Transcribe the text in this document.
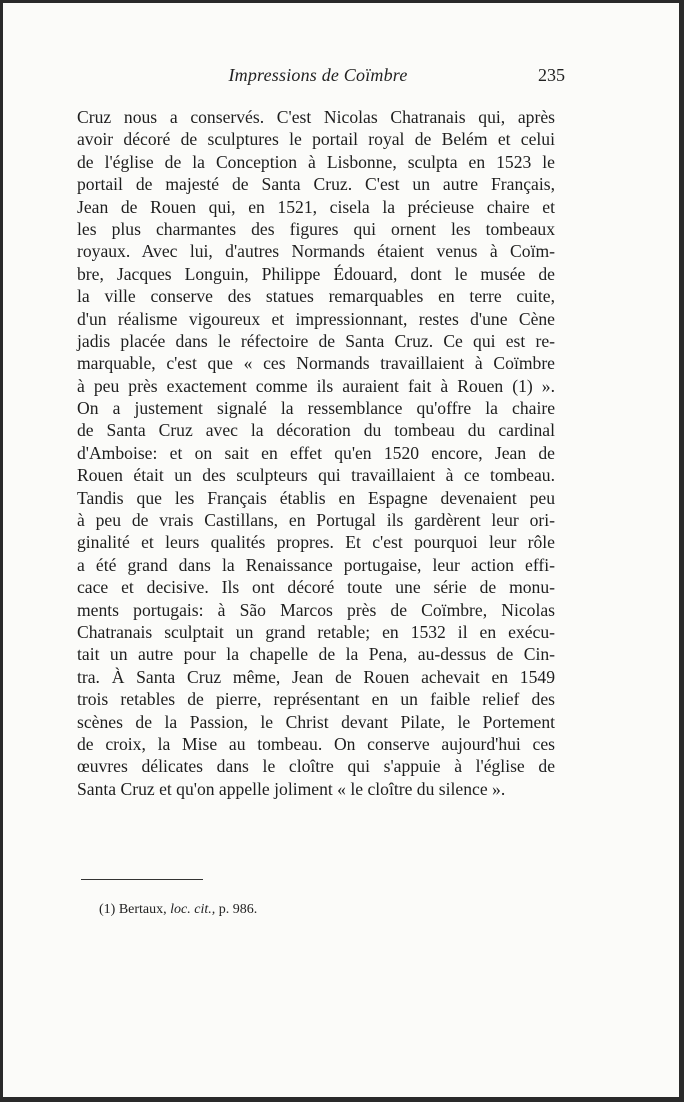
Impressions de Coïmbre	235
Cruz nous a conservés. C'est Nicolas Chatranais qui, après
avoir décoré de sculptures le portail royal de Belém et celui
de l'église de la Conception à Lisbonne, sculpta en 1523 le
portail de majesté de Santa Cruz. C'est un autre Français,
Jean de Rouen qui, en 1521, cisela la précieuse chaire et
les plus charmantes des figures qui ornent les tombeaux
royaux. Avec lui, d'autres Normands étaient venus à Coïm-
bre, Jacques Longuin, Philippe Édouard, dont le musée de
la ville conserve des statues remarquables en terre cuite,
d'un réalisme vigoureux et impressionnant, restes d'une Cène
jadis placée dans le réfectoire de Santa Cruz. Ce qui est re-
marquable, c'est que « ces Normands travaillaient à Coïmbre
à peu près exactement comme ils auraient fait à Rouen (1) ».
On a justement signalé la ressemblance qu'offre la chaire
de Santa Cruz avec la décoration du tombeau du cardinal
d'Amboise: et on sait en effet qu'en 1520 encore, Jean de
Rouen était un des sculpteurs qui travaillaient à ce tombeau.
Tandis que les Français établis en Espagne devenaient peu
à peu de vrais Castillans, en Portugal ils gardèrent leur ori-
ginalité et leurs qualités propres. Et c'est pourquoi leur rôle
a été grand dans la Renaissance portugaise, leur action effi-
cace et decisive. Ils ont décoré toute une série de monu-
ments portugais: à São Marcos près de Coïmbre, Nicolas
Chatranais sculptait un grand retable; en 1532 il en exécu-
tait un autre pour la chapelle de la Pena, au-dessus de Cin-
tra. À Santa Cruz même, Jean de Rouen achevait en 1549
trois retables de pierre, représentant en un faible relief des
scènes de la Passion, le Christ devant Pilate, le Portement
de croix, la Mise au tombeau. On conserve aujourd'hui ces
œuvres délicates dans le cloître qui s'appuie à l'église de
Santa Cruz et qu'on appelle joliment « le cloître du silence ».
(1) Bertaux, loc. cit., p. 986.
